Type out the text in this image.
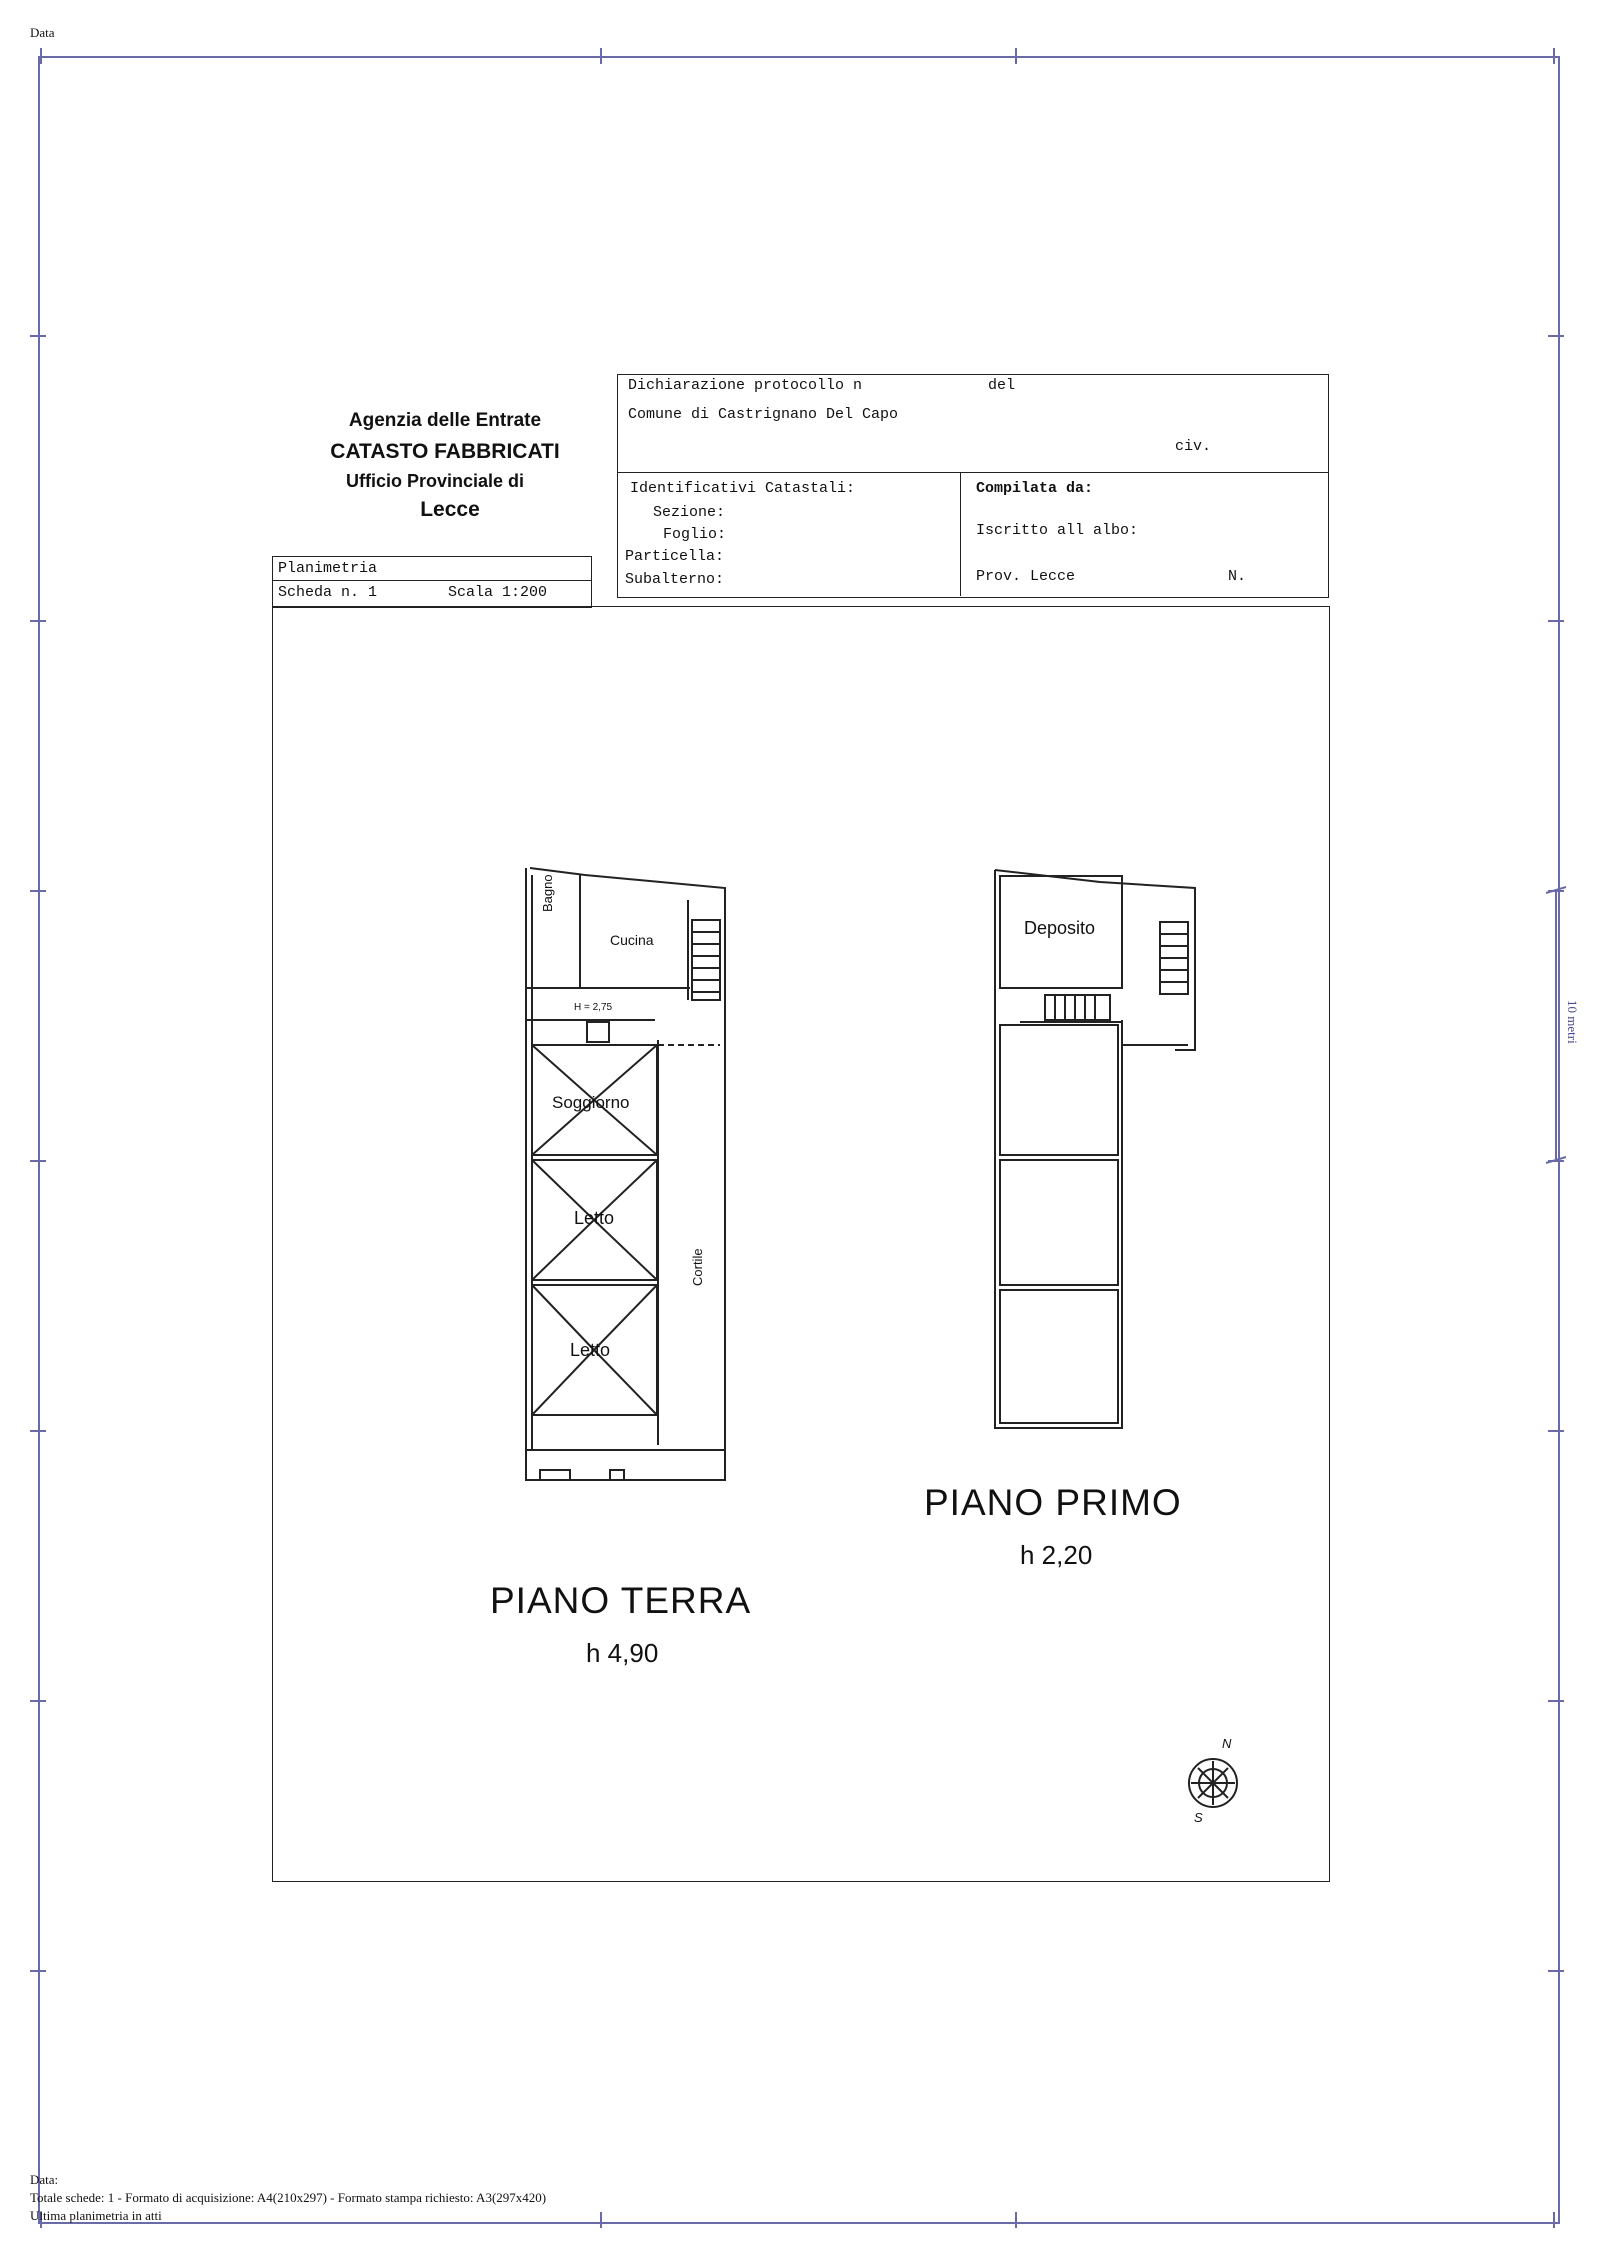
Data
Agenzia delle Entrate
CATASTO FABBRICATI
Ufficio Provinciale di
Lecce
Dichiarazione protocollo n	del
Comune di Castrignano Del Capo
civ.
Identificativi Catastali:
Sezione:
Foglio:
Particella:
Subalterno:
Compilata da:
Iscritto all albo:
Prov. Lecce	N.
Planimetria
Scheda n. 1	Scala 1:200
Bagno
Cucina
H = 2,75
Soggiorno
Letto
Letto
Cortile
PIANO TERRA
h 4,90
Deposito
PIANO PRIMO
h 2,20
N
S
10 metri
Data:
Totale schede: 1 - Formato di acquisizione: A4(210x297) - Formato stampa richiesto: A3(297x420)
Ultima planimetria in atti
